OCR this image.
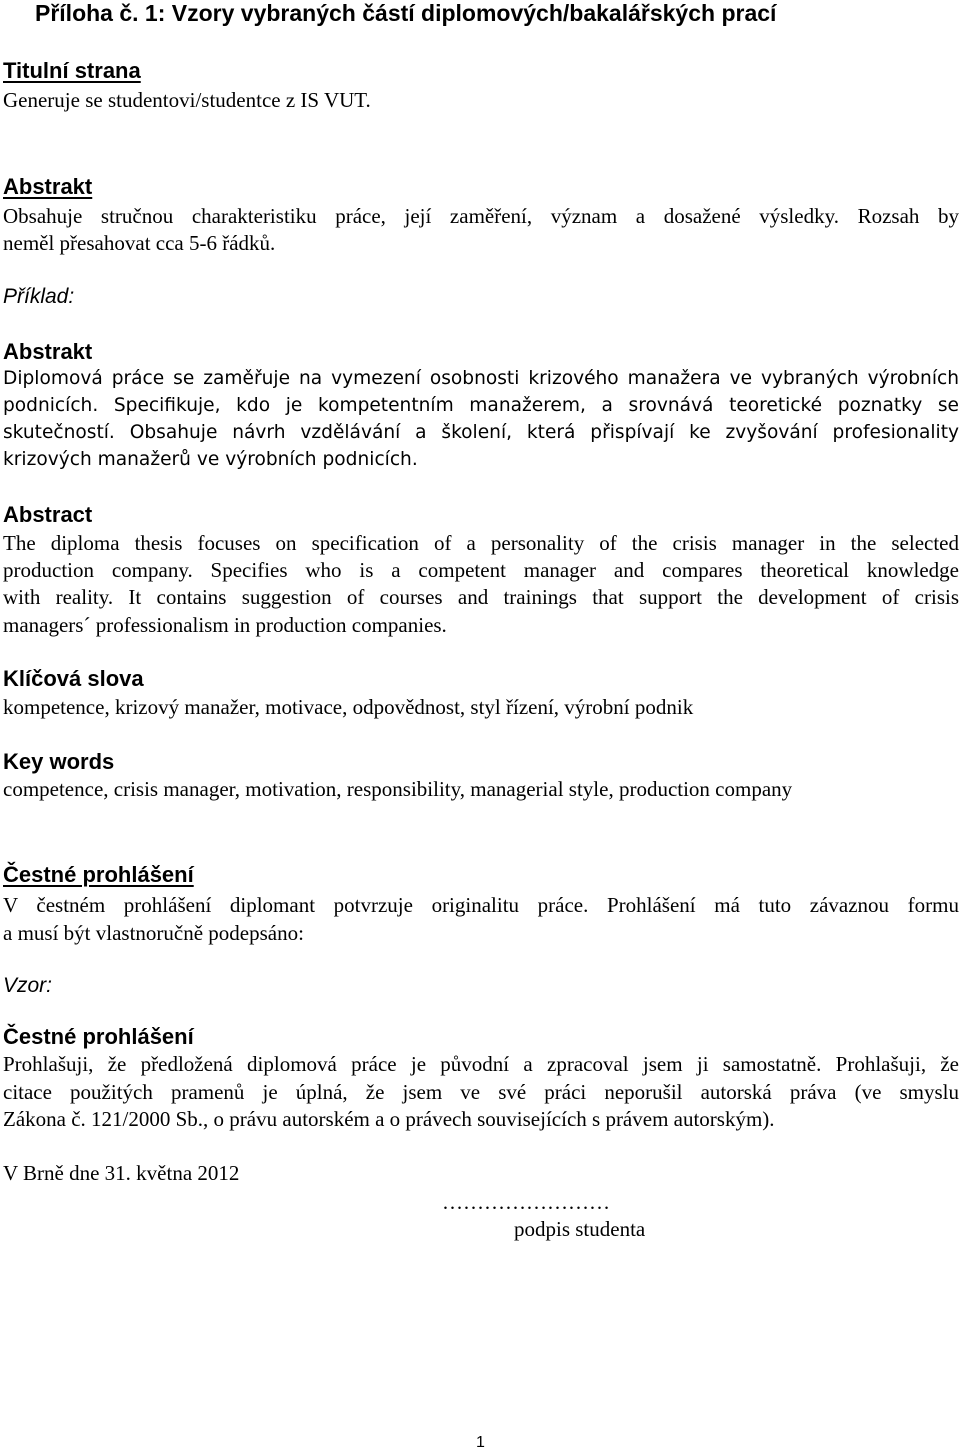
Příloha č. 1: Vzory vybraných částí diplomových/bakalářských prací
Titulní strana
Generuje se studentovi/studentce z IS VUT.
Abstrakt
Obsahuje stručnou charakteristiku práce, její zaměření, význam a dosažené výsledky. Rozsah by
neměl přesahovat cca 5-6 řádků.
Příklad:
Abstrakt
Diplomová práce se zaměřuje na vymezení osobnosti krizového manažera ve vybraných výrobních
podnicích. Specifikuje, kdo je kompetentním manažerem, a srovnává teoretické poznatky se
skutečností. Obsahuje návrh vzdělávání a školení, která přispívají ke zvyšování profesionality
krizových manažerů ve výrobních podnicích.
Abstract
The diploma thesis focuses on specification of a personality of the crisis manager in the selected
production company. Specifies who is a competent manager and compares theoretical knowledge
with reality. It contains suggestion of courses and trainings that support the development of crisis
managers´ professionalism in production companies.
Klíčová slova
kompetence, krizový manažer, motivace, odpovědnost, styl řízení, výrobní podnik
Key words
competence, crisis manager, motivation, responsibility, managerial style, production company
Čestné prohlášení
V čestném prohlášení diplomant potvrzuje originalitu práce. Prohlášení má tuto závaznou formu
a musí být vlastnoručně podepsáno:
Vzor:
Čestné prohlášení
Prohlašuji, že předložená diplomová práce je původní a zpracoval jsem ji samostatně. Prohlašuji, že
citace použitých pramenů je úplná, že jsem ve své práci neporušil autorská práva (ve smyslu
Zákona č. 121/2000 Sb., o právu autorském a o právech souvisejících s právem autorským).
V Brně dne 31. května 2012
……………………
podpis studenta
1
